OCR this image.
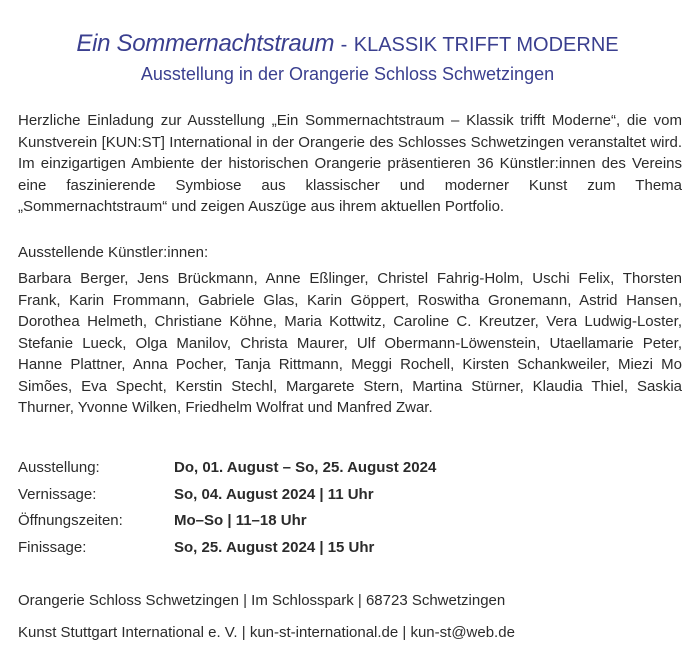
Ein Sommernachtstraum - KLASSIK TRIFFT MODERNE
Ausstellung in der Orangerie Schloss Schwetzingen

Herzliche Einladung zur Ausstellung „Ein Sommernachtstraum – Klassik trifft Moderne“, die vom Kunstverein [KUN:ST] International in der Orangerie des Schlosses Schwetzingen veranstaltet wird. Im einzigartigen Ambiente der historischen Orangerie präsentieren 36 Künstler:innen des Vereins eine faszinierende Symbiose aus klassischer und moderner Kunst zum Thema „Sommernachtstraum“ und zeigen Auszüge aus ihrem aktuellen Portfolio.

Ausstellende Künstler:innen:

Barbara Berger, Jens Brückmann, Anne Eßlinger, Christel Fahrig-Holm, Uschi Felix, Thorsten Frank, Karin Frommann, Gabriele Glas, Karin Göppert, Roswitha Gronemann, Astrid Hansen, Dorothea Helmeth, Christiane Köhne, Maria Kottwitz, Caroline C. Kreutzer, Vera Ludwig-Loster, Stefanie Lueck, Olga Manilov, Christa Maurer, Ulf Obermann-Löwenstein, Utaellamarie Peter, Hanne Plattner, Anna Pocher, Tanja Rittmann, Meggi Rochell, Kirsten Schankweiler, Miezi Mo Simões, Eva Specht, Kerstin Stechl, Margarete Stern, Martina Stürner, Klaudia Thiel, Saskia Thurner, Yvonne Wilken, Friedhelm Wolfrat und Manfred Zwar.

Ausstellung:	Do, 01. August – So, 25. August 2024
Vernissage:	So, 04. August 2024 | 11 Uhr
Öffnungszeiten:	Mo–So | 11–18 Uhr
Finissage:	So, 25. August 2024 | 15 Uhr
Orangerie Schloss Schwetzingen | Im Schlosspark | 68723 Schwetzingen
Kunst Stuttgart International e. V. | kun-st-international.de | kun-st@web.de
